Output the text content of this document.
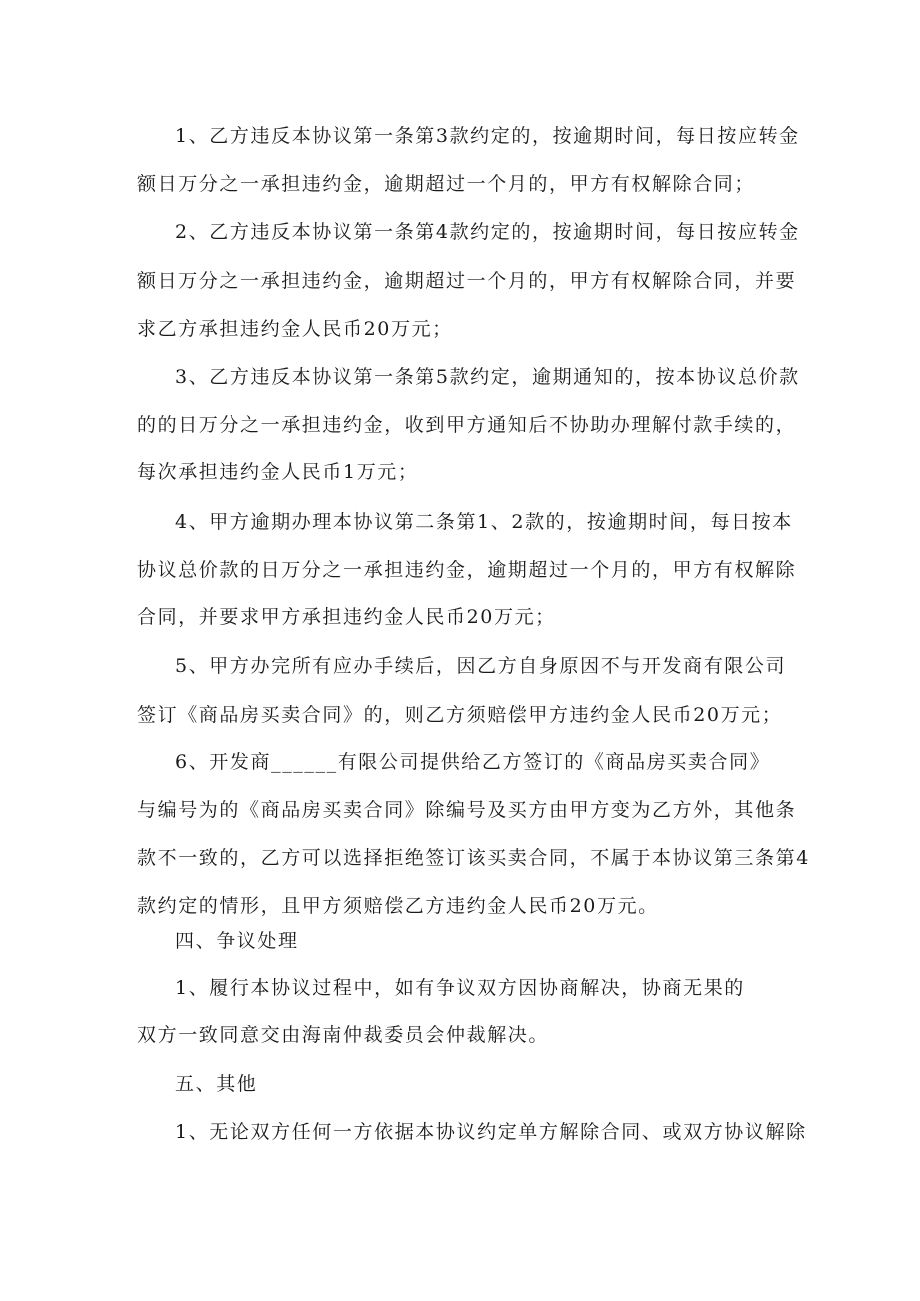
1、乙方违反本协议第一条第3款约定的，按逾期时间，每日按应转金
额日万分之一承担违约金，逾期超过一个月的，甲方有权解除合同；
2、乙方违反本协议第一条第4款约定的，按逾期时间，每日按应转金
额日万分之一承担违约金，逾期超过一个月的，甲方有权解除合同，并要
求乙方承担违约金人民币20万元；
3、乙方违反本协议第一条第5款约定，逾期通知的，按本协议总价款
的的日万分之一承担违约金，收到甲方通知后不协助办理解付款手续的，
每次承担违约金人民币1万元；
4、甲方逾期办理本协议第二条第1、2款的，按逾期时间，每日按本
协议总价款的日万分之一承担违约金，逾期超过一个月的，甲方有权解除
合同，并要求甲方承担违约金人民币20万元；
5、甲方办完所有应办手续后，因乙方自身原因不与开发商有限公司
签订《商品房买卖合同》的，则乙方须赔偿甲方违约金人民币20万元；
6、开发商______有限公司提供给乙方签订的《商品房买卖合同》
与编号为的《商品房买卖合同》除编号及买方由甲方变为乙方外，其他条
款不一致的，乙方可以选择拒绝签订该买卖合同，不属于本协议第三条第4
款约定的情形，且甲方须赔偿乙方违约金人民币20万元。
四、争议处理
1、履行本协议过程中，如有争议双方因协商解决，协商无果的
双方一致同意交由海南仲裁委员会仲裁解决。
五、其他
1、无论双方任何一方依据本协议约定单方解除合同、或双方协议解除
